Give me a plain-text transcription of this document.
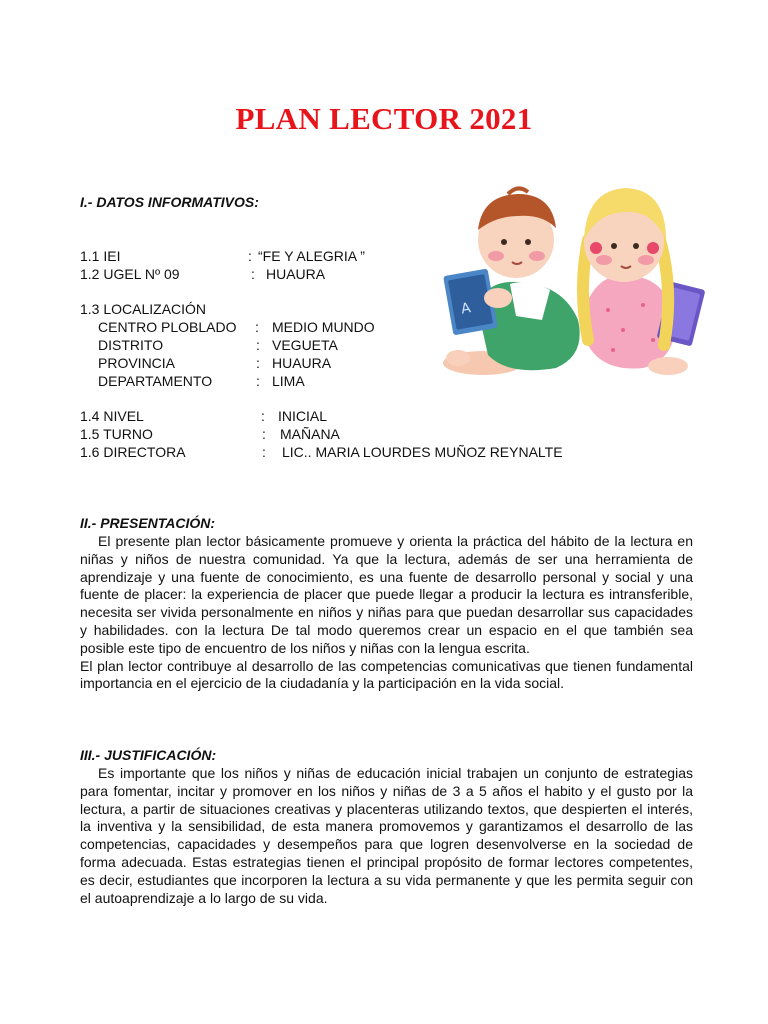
PLAN LECTOR 2021
I.- DATOS INFORMATIVOS:
1.1 IEI	: “FE Y ALEGRIA ”
1.2 UGEL Nº 09	: HUAURA
1.3 LOCALIZACIÓN
CENTRO PLOBLADO : MEDIO MUNDO
DISTRITO	: VEGUETA
PROVINCIA	: HUAURA
DEPARTAMENTO	: LIMA
1.4 NIVEL	: INICIAL
1.5 TURNO	: MAÑANA
1.6 DIRECTORA	: LIC.. MARIA LOURDES MUÑOZ REYNALTE
A
II.- PRESENTACIÓN:

El presente plan lector básicamente promueve y orienta la práctica del hábito de la lectura en niñas y niños de nuestra comunidad. Ya que la lectura, además de ser una herramienta de aprendizaje y una fuente de conocimiento, es una fuente de desarrollo personal y social y una fuente de placer: la experiencia de placer que puede llegar a producir la lectura es intransferible, necesita ser vivida personalmente en niños y niñas para que puedan desarrollar sus capacidades y habilidades. con la lectura De tal modo queremos crear un espacio en el que también sea posible este tipo de encuentro de los niños y niñas con la lengua escrita.

El plan lector contribuye al desarrollo de las competencias comunicativas que tienen fundamental importancia en el ejercicio de la ciudadanía y la participación en la vida social.

III.- JUSTIFICACIÓN:

Es importante que los niños y niñas de educación inicial trabajen un conjunto de estrategias para fomentar, incitar y promover en los niños y niñas de 3 a 5 años el habito y el gusto por la lectura, a partir de situaciones creativas y placenteras utilizando textos, que despierten el interés, la inventiva y la sensibilidad, de esta manera promovemos y garantizamos el desarrollo de las competencias, capacidades y desempeños para que logren desenvolverse en la sociedad de forma adecuada. Estas estrategias tienen el principal propósito de formar lectores competentes, es decir, estudiantes que incorporen la lectura a su vida permanente y que les permita seguir con el autoaprendizaje a lo largo de su vida.
